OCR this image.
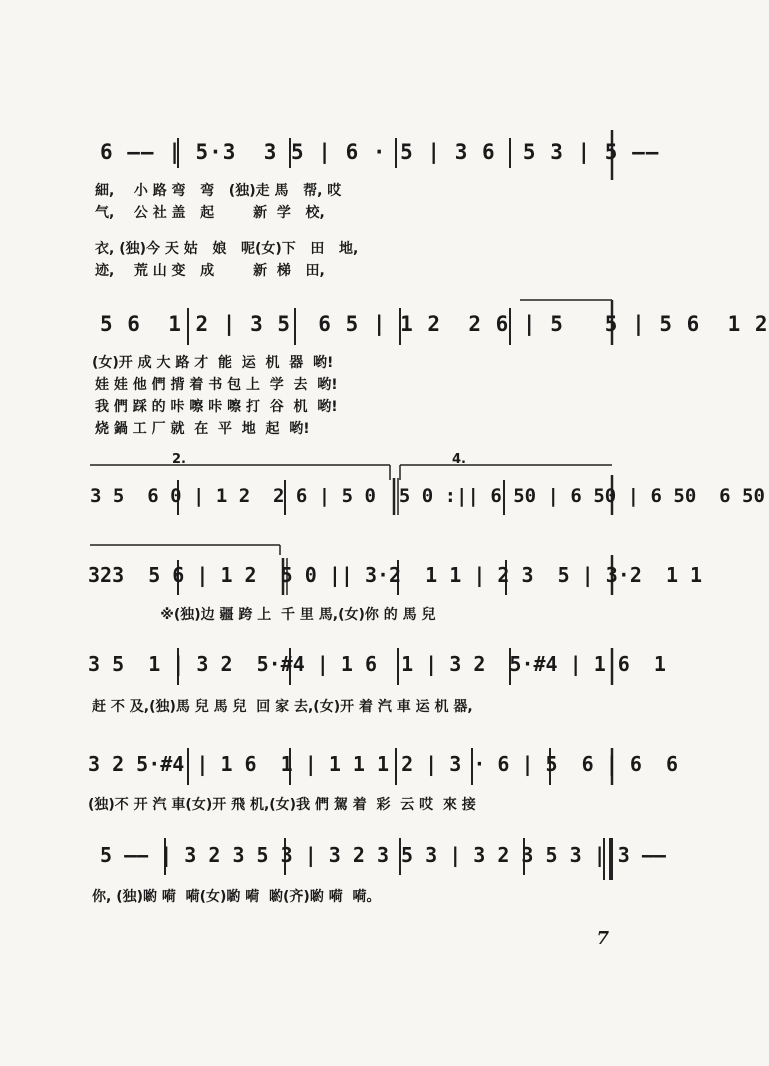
6 —— | 5·3  3 5 | 6 · 5 | 3 6  5 3 | 5 ——
細,    小 路 弯   弯   (独)走 馬   帮, 哎
气,    公 社 盖   起        新  学   校,
衣, (独)今 天 姑   娘   呢(女)下   田   地,
迹,    荒 山 变   成        新  梯   田,
5 6  1 2 | 3 5  6 5 | 1 2  2 6 | 5   5 | 5 6  1 2
(女)开 成 大 路 才  能  运  机  器  哟!
娃 娃 他 們 揹 着 书 包 上  学  去  哟!
我 們 踩 的 咔 嚓 咔 嚓 打  谷  机  哟!
烧 鍋 工 厂 就  在  平  地  起  哟!
2.	4.
3 5  6 0 | 1 2  2 6 | 5 0  5 0 :|| 6 50 | 6 50 | 6 50  6 50
323  5 6 | 1 2  5 0 || 3·2  1 1 | 2 3  5 | 3·2  1 1
※(独)边 疆 跨 上  千 里 馬,(女)你 的 馬 兒
3 5  1 | 3 2  5·#4 | 1 6  1 | 3 2  5·#4 | 1 6  1
赶 不 及,(独)馬 兒 馬 兒  回 家 去,(女)开 着 汽 車 运 机 器,
3 2 5·#4 | 1 6  1 | 1 1 1 2 | 3 · 6 | 5  6 | 6  6
(独)不 开 汽 車(女)开 飛 机,(女)我 們 駕 着  彩  云 哎  來 接
5 —— | 3 2 3 5 3 | 3 2 3 5 3 | 3 2 3 5 3 | 3 ——
你, (独)喲 嗬  嗬(女)喲 嗬  喲(齐)喲 嗬  嗬。
7
